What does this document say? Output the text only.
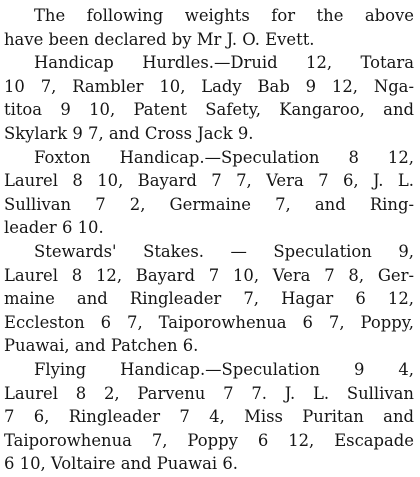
The following weights for the above
have been declared by Mr J. O. Evett.
Handicap Hurdles.—Druid 12, Totara
10 7, Rambler 10, Lady Bab 9 12, Nga-
titoa 9 10, Patent Safety, Kangaroo, and
Skylark 9 7, and Cross Jack 9.
Foxton Handicap.—Speculation 8 12,
Laurel 8 10, Bayard 7 7, Vera 7 6, J. L.
Sullivan 7 2, Germaine 7, and Ring-
leader 6 10.
Stewards' Stakes. — Speculation 9,
Laurel 8 12, Bayard 7 10, Vera 7 8, Ger-
maine and Ringleader 7, Hagar 6 12,
Eccleston 6 7, Taiporowhenua 6 7, Poppy,
Puawai, and Patchen 6.
Flying Handicap.—Speculation 9 4,
Laurel 8 2, Parvenu 7 7. J. L. Sullivan
7 6, Ringleader 7 4, Miss Puritan and
Taiporowhenua 7, Poppy 6 12, Escapade
6 10, Voltaire and Puawai 6.
